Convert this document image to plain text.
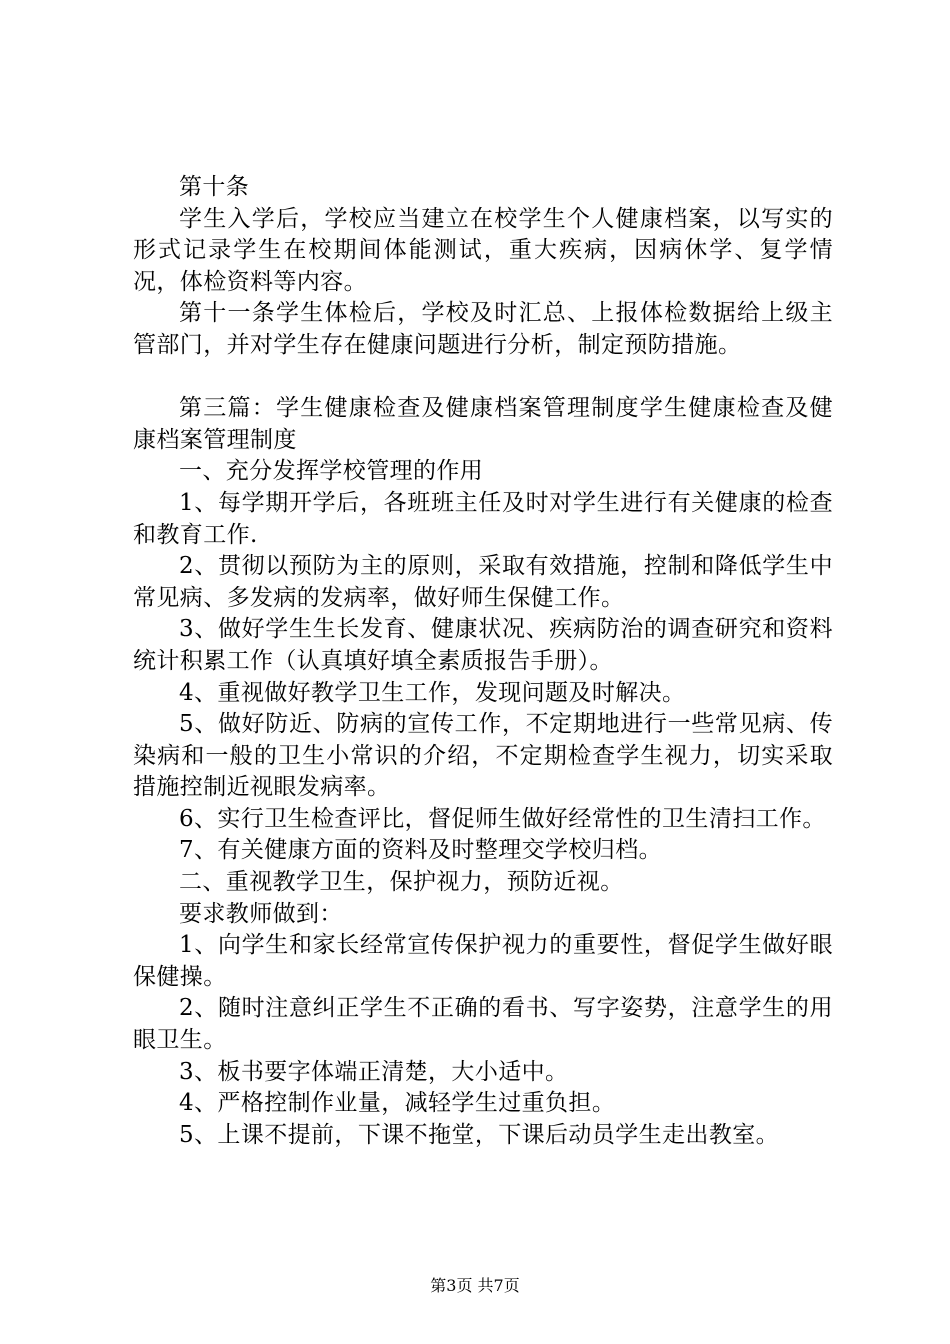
第十条

学生入学后，学校应当建立在校学生个人健康档案，以写实的形式记录学生在校期间体能测试，重大疾病，因病休学、复学情况，体检资料等内容。

第十一条学生体检后，学校及时汇总、上报体检数据给上级主管部门，并对学生存在健康问题进行分析，制定预防措施。

第三篇：学生健康检查及健康档案管理制度学生健康检查及健康档案管理制度

一、充分发挥学校管理的作用

1、每学期开学后，各班班主任及时对学生进行有关健康的检查和教育工作.

2、贯彻以预防为主的原则，采取有效措施，控制和降低学生中常见病、多发病的发病率，做好师生保健工作。

3、做好学生生长发育、健康状况、疾病防治的调查研究和资料统计积累工作（认真填好填全素质报告手册）。

4、重视做好教学卫生工作，发现问题及时解决。

5、做好防近、防病的宣传工作，不定期地进行一些常见病、传染病和一般的卫生小常识的介绍，不定期检查学生视力，切实采取措施控制近视眼发病率。

6、实行卫生检查评比，督促师生做好经常性的卫生清扫工作。

7、有关健康方面的资料及时整理交学校归档。

二、重视教学卫生，保护视力，预防近视。

要求教师做到：

1、向学生和家长经常宣传保护视力的重要性，督促学生做好眼保健操。

2、随时注意纠正学生不正确的看书、写字姿势，注意学生的用眼卫生。

3、板书要字体端正清楚，大小适中。

4、严格控制作业量，减轻学生过重负担。

5、上课不提前，下课不拖堂，下课后动员学生走出教室。

第3页 共7页
